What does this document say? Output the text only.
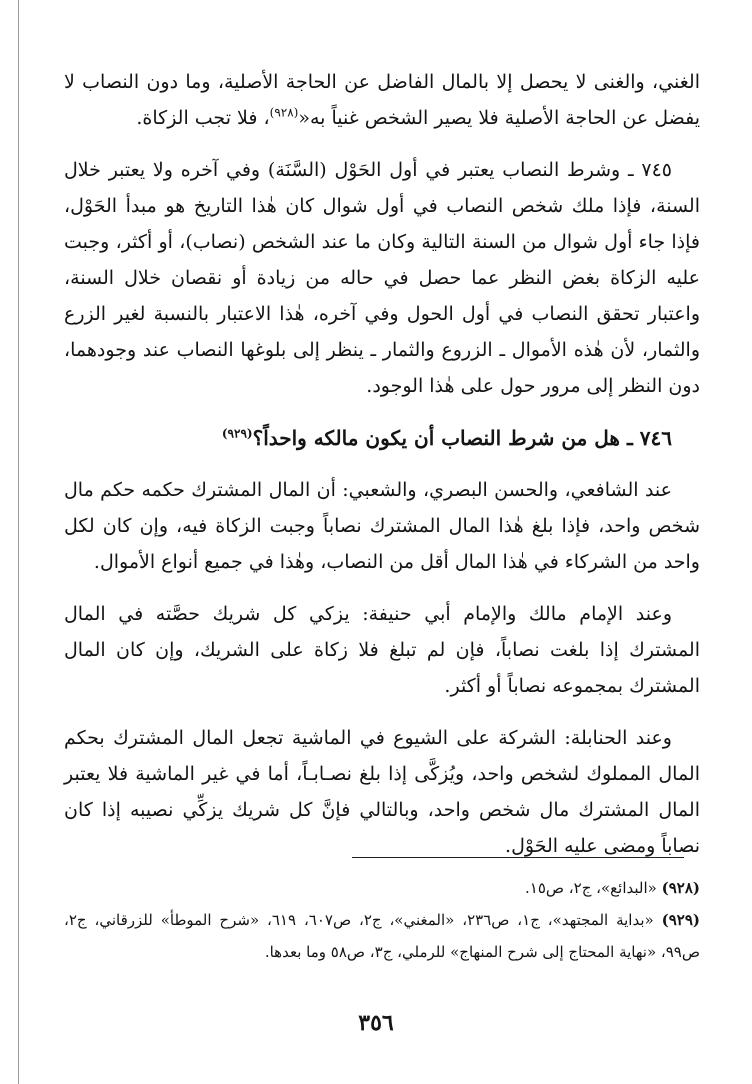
الغني، والغنى لا يحصل إلا بالمال الفاضل عن الحاجة الأصلية، وما دون النصاب لا يفضل عن الحاجة الأصلية فلا يصير الشخص غنياً به«$^{(٩٢٨)}$، فلا تجب الزكاة.

٧٤٥ ـ وشرط النصاب يعتبر في أول الحَوْل (السَّنَة) وفي آخره ولا يعتبر خلال السنة، فإذا ملك شخص النصاب في أول شوال كان هٰذا التاريخ هو مبدأ الحَوْل، فإذا جاء أول شوال من السنة التالية وكان ما عند الشخص (نصاب)، أو أكثر، وجبت عليه الزكاة بغض النظر عما حصل في حاله من زيادة أو نقصان خلال السنة، واعتبار تحقق النصاب في أول الحول وفي آخره، هٰذا الاعتبار بالنسبة لغير الزرع والثمار، لأن هٰذه الأموال ـ الزروع والثمار ـ ينظر إلى بلوغها النصاب عند وجودهما، دون النظر إلى مرور حول على هٰذا الوجود.

٧٤٦ ـ هل من شرط النصاب أن يكون مالكه واحداً؟$^{(٩٢٩)}$

عند الشافعي، والحسن البصري، والشعبي: أن المال المشترك حكمه حكم مال شخص واحد، فإذا بلغ هٰذا المال المشترك نصاباً وجبت الزكاة فيه، وإن كان لكل واحد من الشركاء في هٰذا المال أقل من النصاب، وهٰذا في جميع أنواع الأموال.

وعند الإمام مالك والإمام أبي حنيفة: يزكي كل شريك حصَّته في المال المشترك إذا بلغت نصاباً، فإن لم تبلغ فلا زكاة على الشريك، وإن كان المال المشترك بمجموعه نصاباً أو أكثر.

وعند الحنابلة: الشركة على الشيوع في الماشية تجعل المال المشترك بحكم المال المملوك لشخص واحد، ويُزكَّى إذا بلغ نصـابـاً، أما في غير الماشية فلا يعتبر المال المشترك مال شخص واحد، وبالتالي فإنَّ كل شريك يزكِّي نصيبه إذا كان نصاباً ومضى عليه الحَوْل.

(٩٢٨) «البدائع»، ج٢، ص١٥.

(٩٢٩) «بداية المجتهد»، ج١، ص٢٣٦، «المغني»، ج٢، ص٦٠٧، ٦١٩، «شرح الموطأ» للزرقاني، ج٢، ص٩٩، «نهاية المحتاج إلى شرح المنهاج» للرملي، ج٣، ص٥٨ وما بعدها.

٣٥٦
